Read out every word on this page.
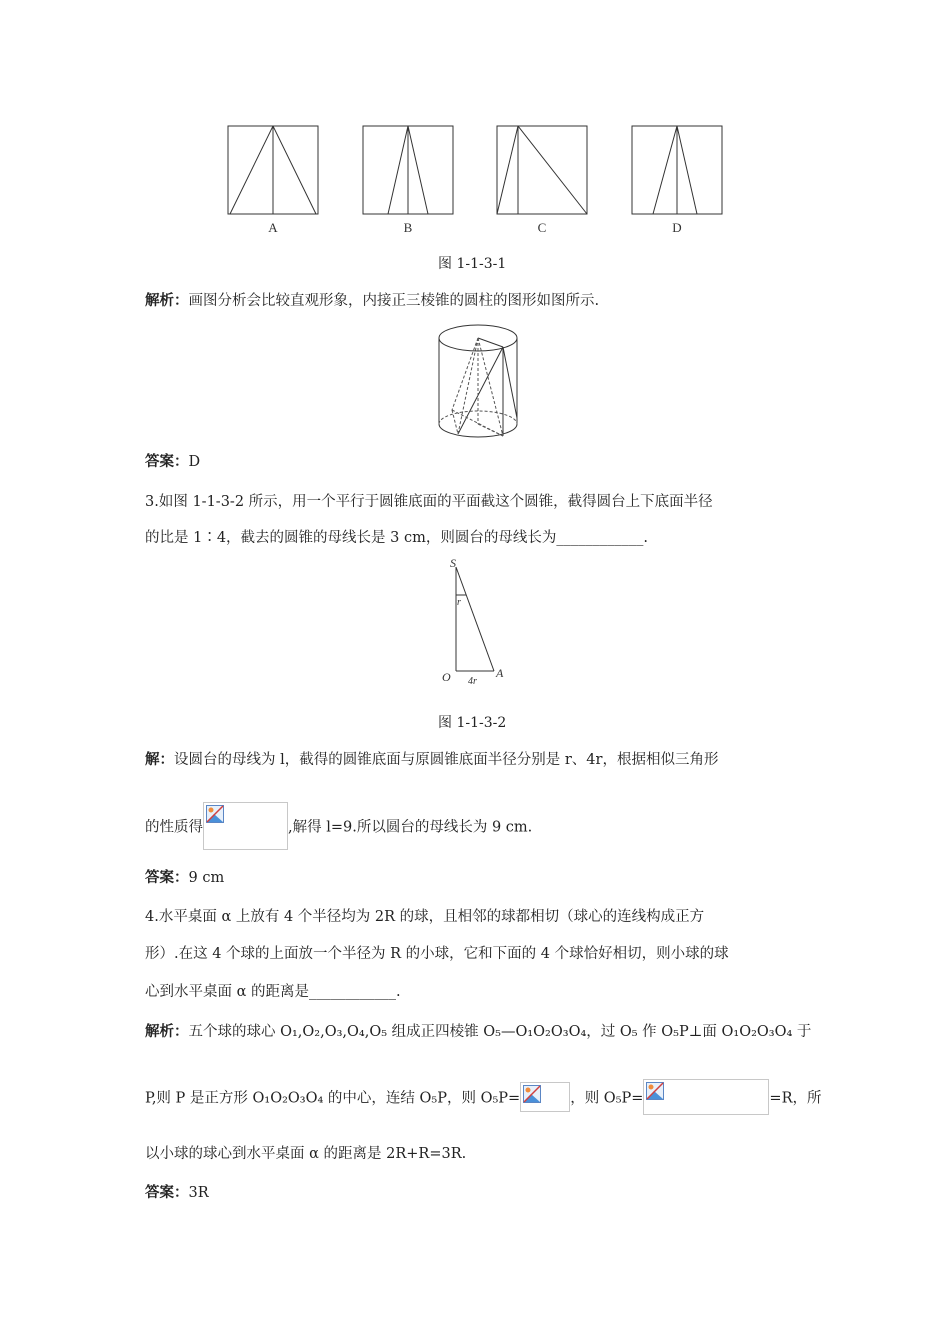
A	B	C	D
图 1-1-3-1
解析：画图分析会比较直观形象，内接正三棱锥的圆柱的图形如图所示.
答案：D
3.如图 1-1-3-2 所示，用一个平行于圆锥底面的平面截这个圆锥，截得圆台上下底面半径
的比是 1∶4，截去的圆锥的母线长是 3 cm，则圆台的母线长为____________.
S
r
O	A
4r
图 1-1-3-2
解：设圆台的母线为 l，截得的圆锥底面与原圆锥底面半径分别是 r、4r，根据相似三角形
的性质得	,解得 l=9.所以圆台的母线长为 9 cm.
答案：9 cm
4.水平桌面 α 上放有 4 个半径均为 2R 的球，且相邻的球都相切（球心的连线构成正方
形）.在这 4 个球的上面放一个半径为 R 的小球，它和下面的 4 个球恰好相切，则小球的球
心到水平桌面 α 的距离是____________.
解析：五个球的球心 O₁,O₂,O₃,O₄,O₅ 组成正四棱锥 O₅—O₁O₂O₃O₄，过 O₅ 作 O₅P⊥面 O₁O₂O₃O₄ 于
P,则 P 是正方形 O₁O₂O₃O₄ 的中心，连结 O₅P，则 O₅P=	，则 O₅P=	=R，所
以小球的球心到水平桌面 α 的距离是 2R+R=3R.
答案：3R
